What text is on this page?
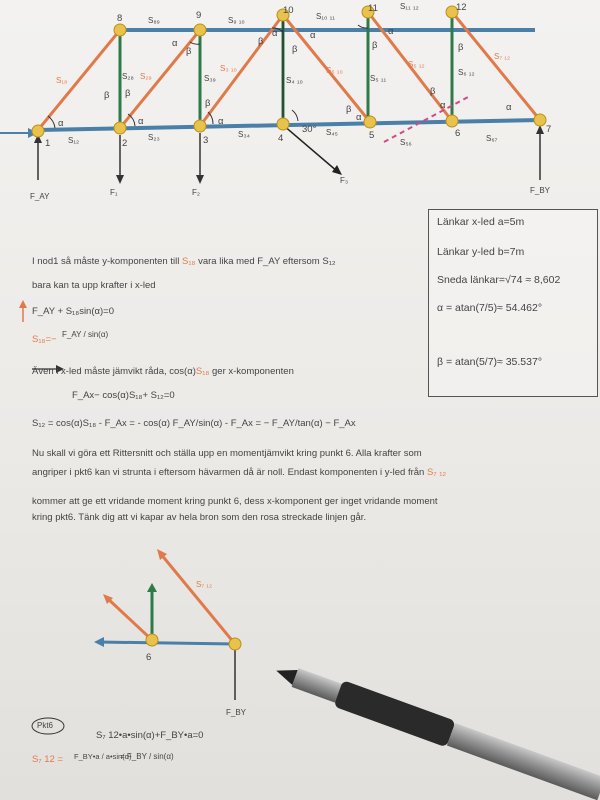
8	9	10	11	12
1	2	3	4	5	6	7
S₈₉	S₉ ₁₀	S₁₀ ₁₁
S₁₁ ₁₂
S₁₂	S₂₃	S₃₄	S₄₅
S₅₆	S₆₇
S₁₈	S₂₈ S₂₉	S₃₉
S₃ ₁₀
S₄ ₁₀
S₅ ₁₀
S₅ ₁₁
S₅ ₁₂
S₆ ₁₂
S₇ ₁₂
α
β β
α
α
β
β
α
β
α	α
β
30°
β
α
α
β
β
α
β
α
F_AY	F₁	F₂
F₃
F_BY
Länkar x-led a=5m
Länkar y-led b=7m
Sneda länkar=√74 ≈ 8,602
α = atan(7/5)≈ 54.462°
β = atan(5/7)≈ 35.537°
I nod1 så måste y-komponenten till S₁₈ vara lika med F_AY eftersom S₁₂
bara kan ta upp krafter i x-led
F_AY + S₁₈sin(α)=0
S₁₈=− F_AY / sin(α)
Även i x-led måste jämvikt råda, cos(α)S₁₈ ger x-komponenten
F_Ax− cos(α)S₁₈+ S₁₂=0
S₁₂ = cos(α)S₁₈ - F_Ax = - cos(α) F_AY/sin(α) - F_Ax = − F_AY/tan(α) − F_Ax
Nu skall vi göra ett Rittersnitt och ställa upp en momentjämvikt kring punkt 6. Alla krafter som
angriper i pkt6 kan vi strunta i eftersom hävarmen då är noll. Endast komponenten i y-led från S₇ ₁₂
kommer att ge ett vridande moment kring punkt 6, dess x-komponent ger inget vridande moment
kring pkt6. Tänk dig att vi kapar av hela bron som den rosa streckade linjen går.
6
S₇ ₁₂
F_BY
Pkt6
S₇ 12•a•sin(α)+F_BY•a=0
S₇ 12 = F_BY•a / a•sin(α)
= F_BY / sin(α)
